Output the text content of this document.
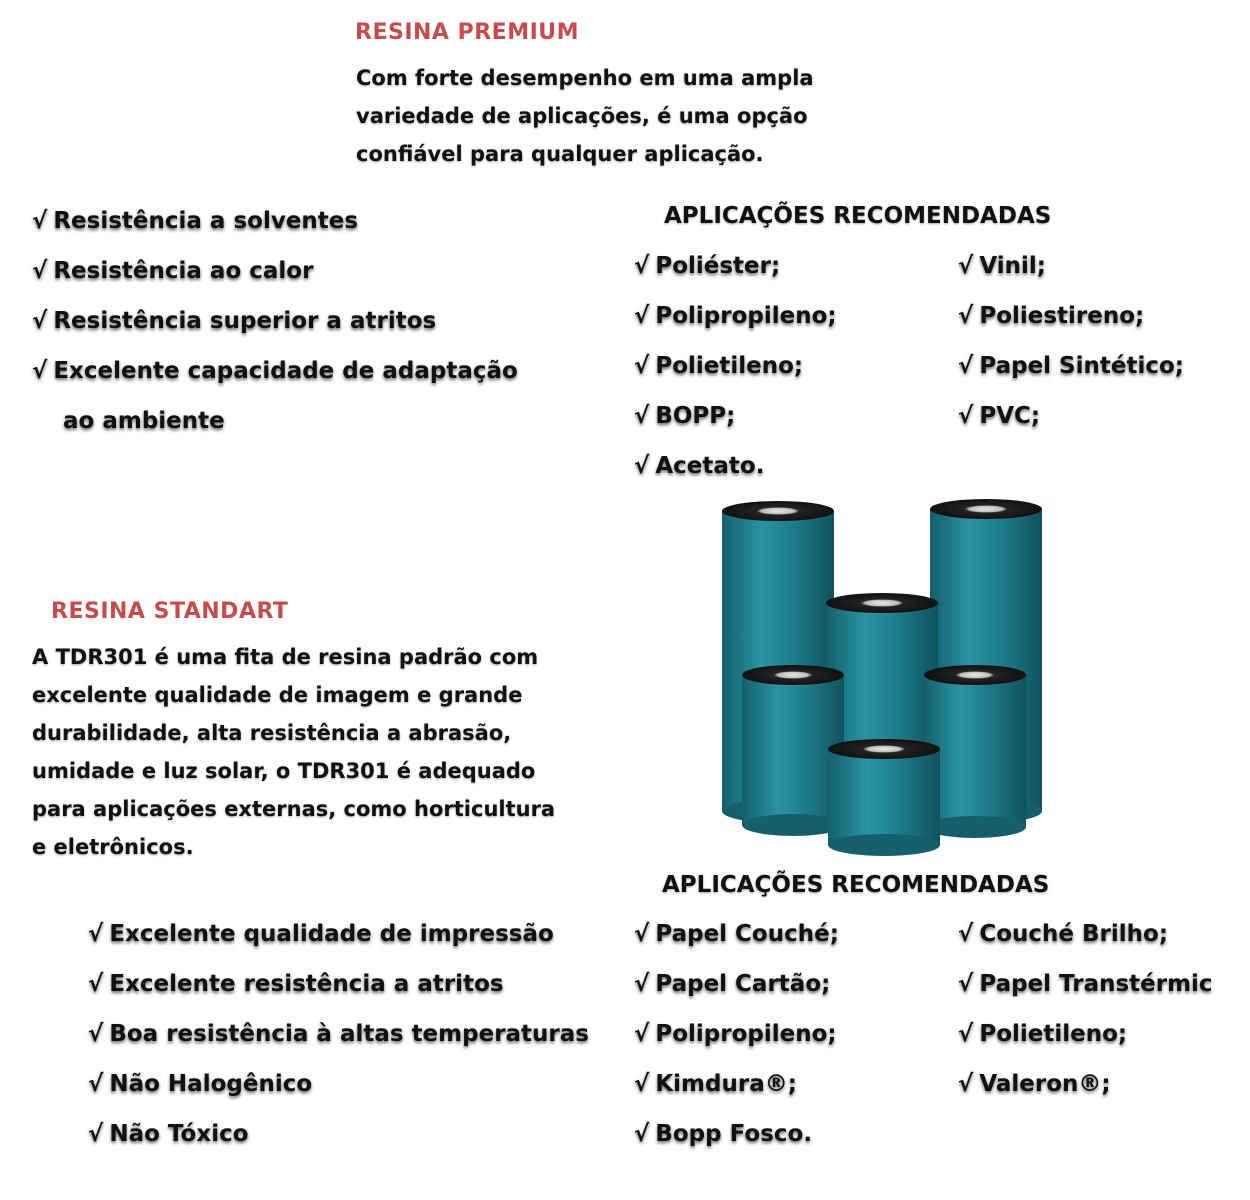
RESINA PREMIUM
Com forte desempenho em uma ampla
variedade de aplicações, é uma opção
confiável para qualquer aplicação.
√ Resistência a solventes
√ Resistência ao calor
√ Resistência superior a atritos
√ Excelente capacidade de adaptação
ao ambiente
APLICAÇÕES RECOMENDADAS
√ Poliéster;
√ Polipropileno;
√ Polietileno;
√ BOPP;
√ Acetato.
√ Vinil;
√ Poliestireno;
√ Papel Sintético;
√ PVC;
RESINA STANDART
A TDR301 é uma fita de resina padrão com
excelente qualidade de imagem e grande
durabilidade, alta resistência a abrasão,
umidade e luz solar, o TDR301 é adequado
para aplicações externas, como horticultura
e eletrônicos.
√ Excelente qualidade de impressão
√ Excelente resistência a atritos
√ Boa resistência à altas temperaturas
√ Não Halogênico
√ Não Tóxico
APLICAÇÕES RECOMENDADAS
√ Papel Couché;
√ Papel Cartão;
√ Polipropileno;
√ Kimdura®;
√ Bopp Fosco.
√ Couché Brilho;
√ Papel Transtérmic
√ Polietileno;
√ Valeron®;
